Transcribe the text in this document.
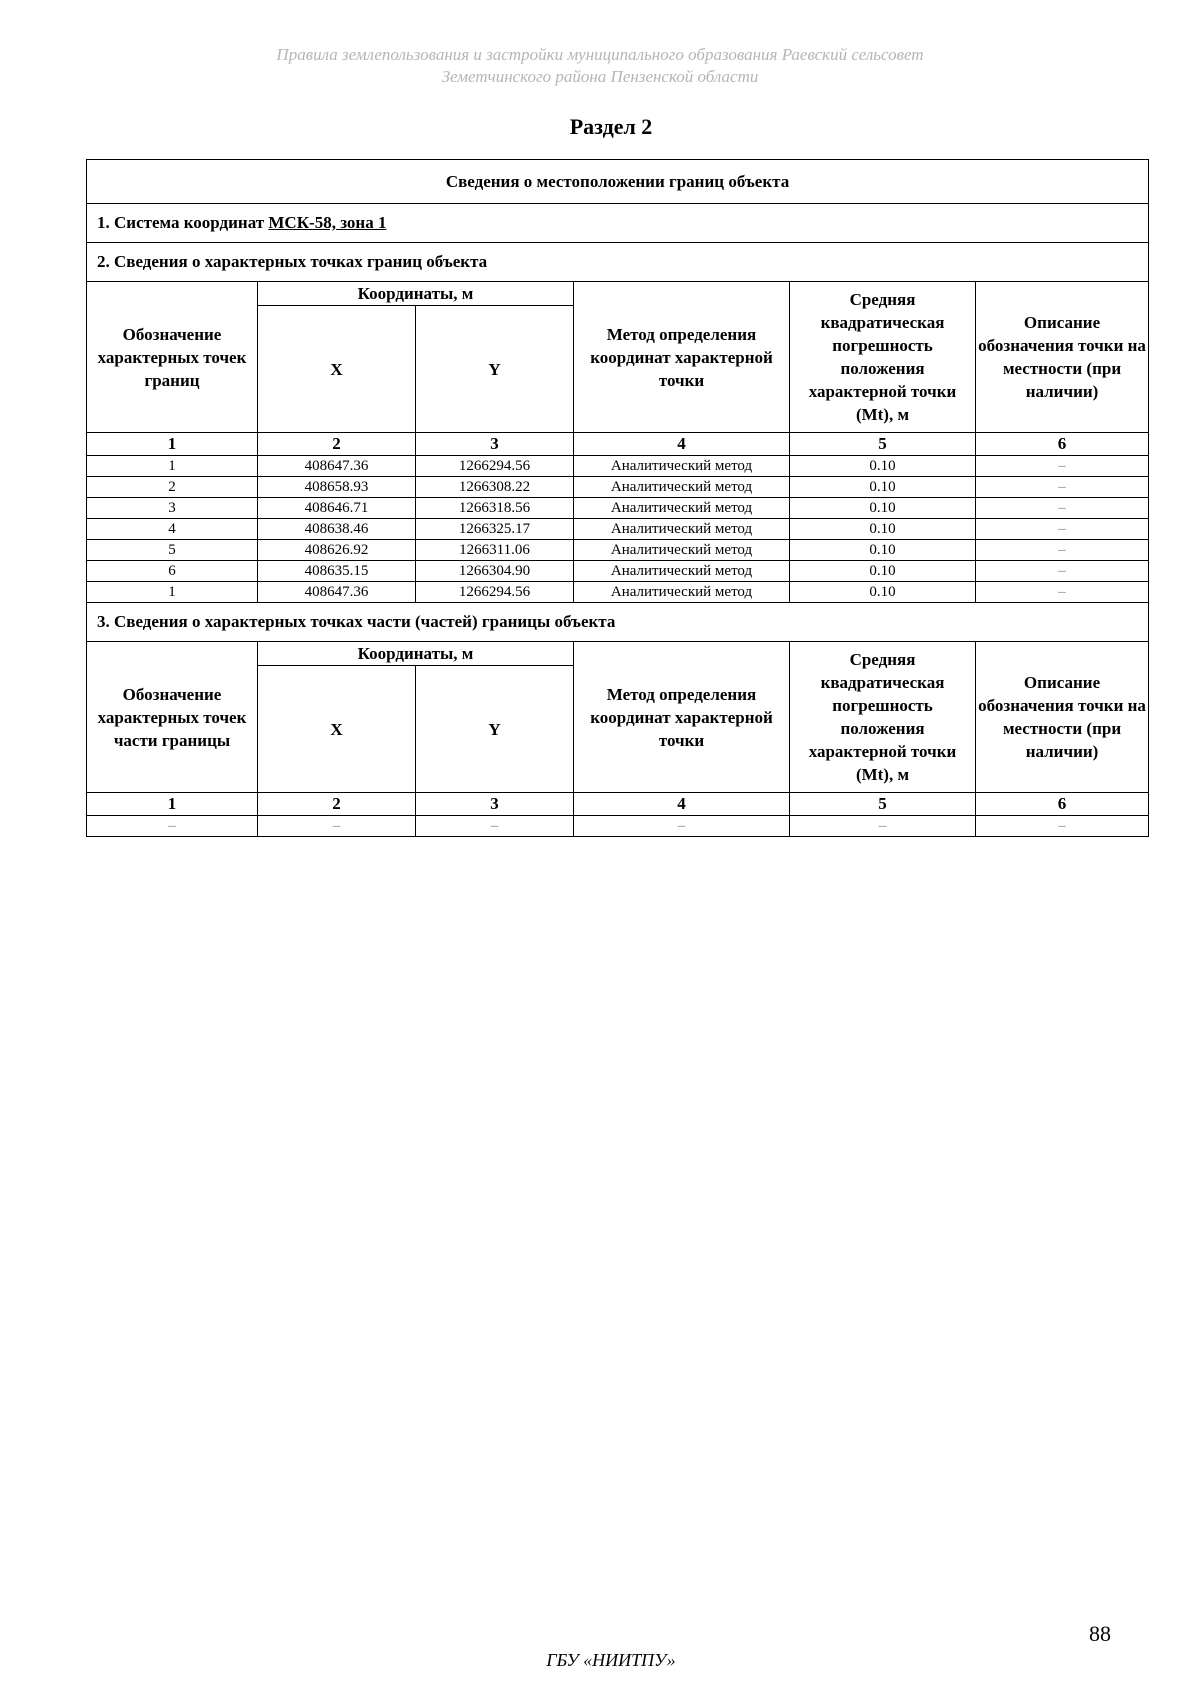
Правила землепользования и застройки муниципального образования Раевский сельсовет
Земетчинского района Пензенской области
Раздел 2
Сведения о местоположении границ объекта					
1. Система координат МСК-58, зона 1					
2. Сведения о характерных точках границ объекта					
Обозначение характерных точек границ	Координаты, м		Метод определения координат характерной точки	Средняя квадратическая погрешность положения характерной точки (Mt), м	Описание обозначения точки на местности (при наличии)
	X	Y			
1	2	3	4	5	6
1	408647.36	1266294.56	Аналитический метод	0.10	–
2	408658.93	1266308.22	Аналитический метод	0.10	–
3	408646.71	1266318.56	Аналитический метод	0.10	–
4	408638.46	1266325.17	Аналитический метод	0.10	–
5	408626.92	1266311.06	Аналитический метод	0.10	–
6	408635.15	1266304.90	Аналитический метод	0.10	–
1	408647.36	1266294.56	Аналитический метод	0.10	–
3. Сведения о характерных точках части (частей) границы объекта					
Обозначение характерных точек части границы	Координаты, м		Метод определения координат характерной точки	Средняя квадратическая погрешность положения характерной точки (Mt), м	Описание обозначения точки на местности (при наличии)
	X	Y			
1	2	3	4	5	6
–	–	–	–	–	–
88
ГБУ «НИИТПУ»
